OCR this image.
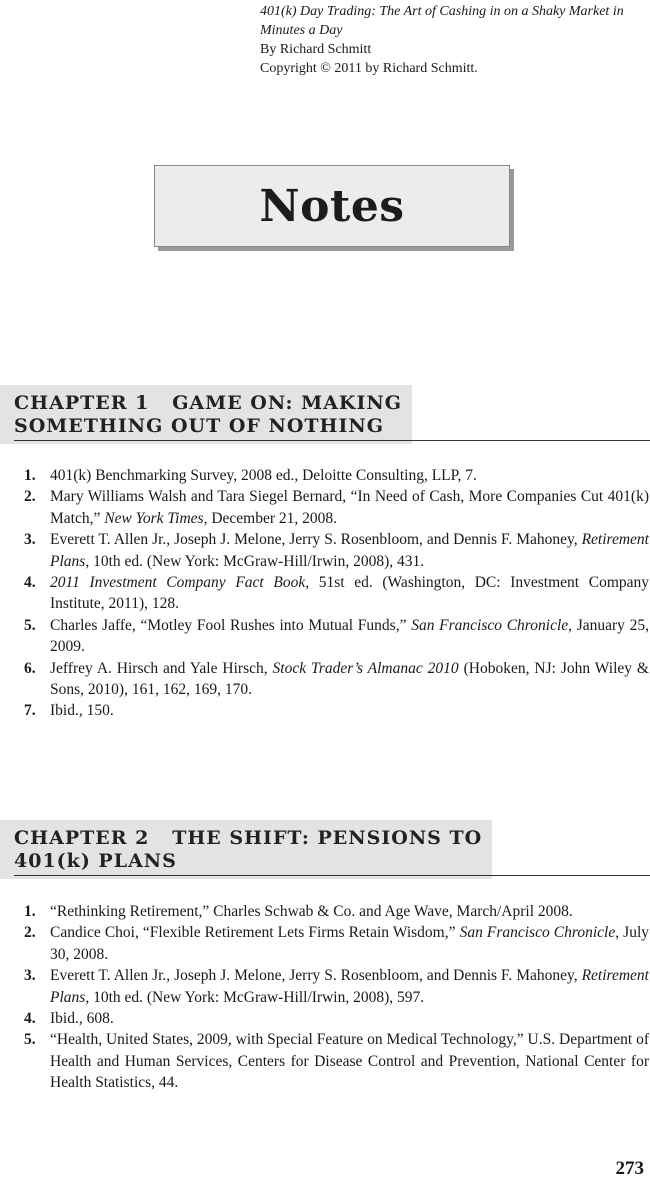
401(k) Day Trading: The Art of Cashing in on a Shaky Market in Minutes a Day
By Richard Schmitt
Copyright © 2011 by Richard Schmitt.
Notes
CHAPTER 1   GAME ON: MAKING
SOMETHING OUT OF NOTHING
1. 401(k) Benchmarking Survey, 2008 ed., Deloitte Consulting, LLP, 7.
2. Mary Williams Walsh and Tara Siegel Bernard, “In Need of Cash, More Companies Cut 401(k) Match,” New York Times, December 21, 2008.
3. Everett T. Allen Jr., Joseph J. Melone, Jerry S. Rosenbloom, and Dennis F. Mahoney, Retirement Plans, 10th ed. (New York: McGraw-Hill/Irwin, 2008), 431.
4. 2011 Investment Company Fact Book, 51st ed. (Washington, DC: Investment Company Institute, 2011), 128.
5. Charles Jaffe, “Motley Fool Rushes into Mutual Funds,” San Francisco Chronicle, January 25, 2009.
6. Jeffrey A. Hirsch and Yale Hirsch, Stock Trader’s Almanac 2010 (Hoboken, NJ: John Wiley & Sons, 2010), 161, 162, 169, 170.
7. Ibid., 150.
CHAPTER 2   THE SHIFT: PENSIONS TO
401(k) PLANS
1. “Rethinking Retirement,” Charles Schwab & Co. and Age Wave, March/April 2008.
2. Candice Choi, “Flexible Retirement Lets Firms Retain Wisdom,” San Francisco Chronicle, July 30, 2008.
3. Everett T. Allen Jr., Joseph J. Melone, Jerry S. Rosenbloom, and Dennis F. Mahoney, Retirement Plans, 10th ed. (New York: McGraw-Hill/Irwin, 2008), 597.
4. Ibid., 608.
5. “Health, United States, 2009, with Special Feature on Medical Technology,” U.S. Department of Health and Human Services, Centers for Disease Control and Prevention, National Center for Health Statistics, 44.
273
